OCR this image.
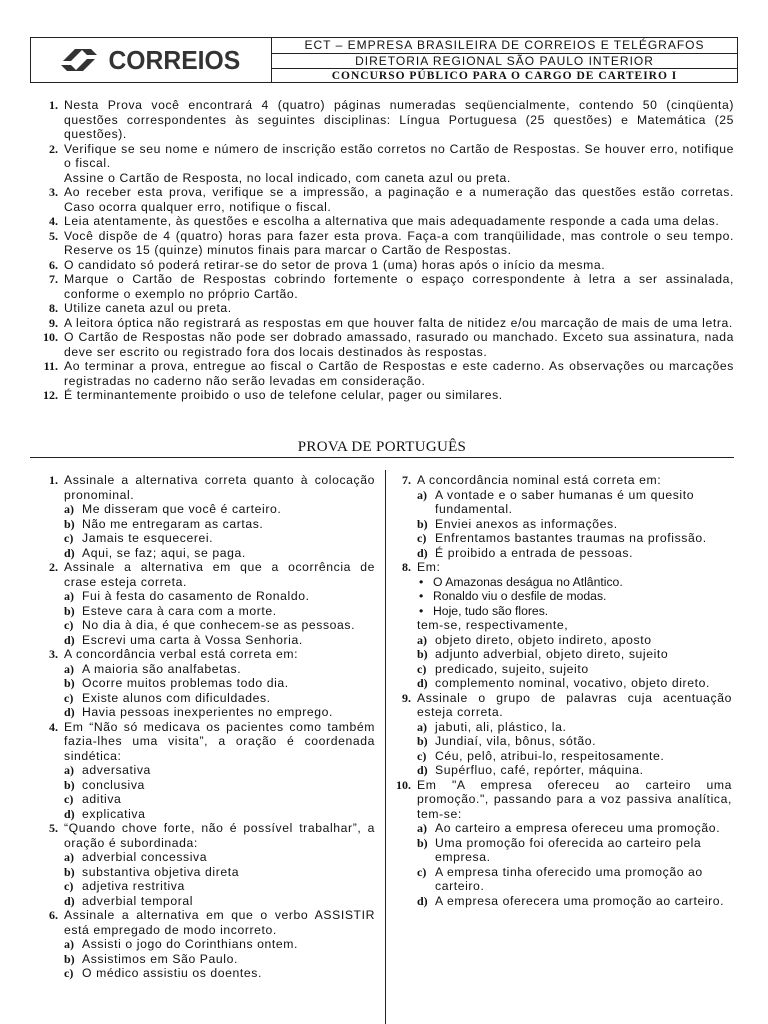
CORREIOS	ECT – EMPRESA BRASILEIRA DE CORREIOS E TELÉGRAFOS
DIRETORIA REGIONAL SÃO PAULO INTERIOR
CONCURSO PÚBLICO PARA O CARGO DE CARTEIRO I
1. Nesta Prova você encontrará 4 (quatro) páginas numeradas seqüencialmente, contendo 50 (cinqüenta) questões correspondentes às seguintes disciplinas: Língua Portuguesa (25 questões) e Matemática (25 questões).
2. Verifique se seu nome e número de inscrição estão corretos no Cartão de Respostas. Se houver erro, notifique o fiscal.
Assine o Cartão de Resposta, no local indicado, com caneta azul ou preta.
3. Ao receber esta prova, verifique se a impressão, a paginação e a numeração das questões estão corretas. Caso ocorra qualquer erro, notifique o fiscal.
4. Leia atentamente, às questões e escolha a alternativa que mais adequadamente responde a cada uma delas.
5. Você dispõe de 4 (quatro) horas para fazer esta prova. Faça-a com tranqüilidade, mas controle o seu tempo. Reserve os 15 (quinze) minutos finais para marcar o Cartão de Respostas.
6. O candidato só poderá retirar-se do setor de prova 1 (uma) horas após o início da mesma.
7. Marque o Cartão de Respostas cobrindo fortemente o espaço correspondente à letra a ser assinalada, conforme o exemplo no próprio Cartão.
8. Utilize caneta azul ou preta.
9. A leitora óptica não registrará as respostas em que houver falta de nitidez e/ou marcação de mais de uma letra.
10. O Cartão de Respostas não pode ser dobrado amassado, rasurado ou manchado. Exceto sua assinatura, nada deve ser escrito ou registrado fora dos locais destinados às respostas.
11. Ao terminar a prova, entregue ao fiscal o Cartão de Respostas e este caderno. As observações ou marcações registradas no caderno não serão levadas em consideração.
12. É terminantemente proibido o uso de telefone celular, pager ou similares.
PROVA DE PORTUGUÊS
1. Assinale a alternativa correta quanto à colocação pronominal.
a) Me disseram que você é carteiro.
b) Não me entregaram as cartas.
c) Jamais te esquecerei.
d) Aqui, se faz; aqui, se paga.
2. Assinale a alternativa em que a ocorrência de crase esteja correta.
a) Fui à festa do casamento de Ronaldo.
b) Esteve cara à cara com a morte.
c) No dia à dia, é que conhecem-se as pessoas.
d) Escrevi uma carta à Vossa Senhoria.
3. A concordância verbal está correta em:
a) A maioria são analfabetas.
b) Ocorre muitos problemas todo dia.
c) Existe alunos com dificuldades.
d) Havia pessoas inexperientes no emprego.
4. Em “Não só medicava os pacientes como também fazia-lhes uma visita”, a oração é coordenada sindética:
a) adversativa
b) conclusiva
c) aditiva
d) explicativa
5. “Quando chove forte, não é possível trabalhar”, a oração é subordinada:
a) adverbial concessiva
b) substantiva objetiva direta
c) adjetiva restritiva
d) adverbial temporal
6. Assinale a alternativa em que o verbo ASSISTIR está empregado de modo incorreto.
a) Assisti o jogo do Corinthians ontem.
b) Assistimos em São Paulo.
c) O médico assistiu os doentes.
7. A concordância nominal está correta em:
a) A vontade e o saber humanas é um quesito fundamental.
b) Enviei anexos as informações.
c) Enfrentamos bastantes traumas na profissão.
d) É proibido a entrada de pessoas.
8. Em:
• O Amazonas deságua no Atlântico.
• Ronaldo viu o desfile de modas.
• Hoje, tudo são flores.
tem-se, respectivamente,
a) objeto direto, objeto indireto, aposto
b) adjunto adverbial, objeto direto, sujeito
c) predicado, sujeito, sujeito
d) complemento nominal, vocativo, objeto direto.
9. Assinale o grupo de palavras cuja acentuação esteja correta.
a) jabuti, ali, plástico, la.
b) Jundiaí, vila, bônus, sótão.
c) Céu, pelô, atribui-lo, respeitosamente.
d) Supérfluo, café, repórter, máquina.
10. Em "A empresa ofereceu ao carteiro uma promoção.", passando para a voz passiva analítica, tem-se:
a) Ao carteiro a empresa ofereceu uma promoção.
b) Uma promoção foi oferecida ao carteiro pela empresa.
c) A empresa tinha oferecido uma promoção ao carteiro.
d) A empresa oferecera uma promoção ao carteiro.
